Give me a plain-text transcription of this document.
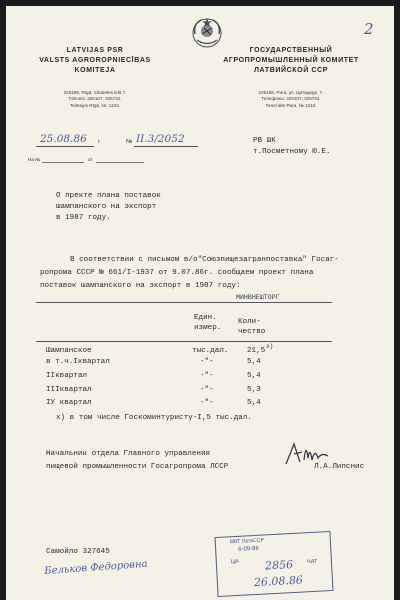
2
LATVIJAS PSR
VALSTS AGROROPNIECĪBAS
KOMITEJA
226168, Rīgā, Citadeles ielā 7.
Tālrunis: 325107, 325742.
Teletaips Rīgā, Nr. 1243.
ГОСУДАРСТВЕННЫЙ
АГРОПРОМЫШЛЕННЫЙ КОМИТЕТ
ЛАТВИЙСКОЙ ССР
226168, Рига, ул. Цитадеде, 7.
Телефоны: 325107, 325742.
Телетайп Рига, № 1243.
25.08.86 г.	№ II.3/2052
На №	от
РВ ШК
т.Посметному Ю.Е.
О пректе плана поставок
шампанского на экспорт
в 1987 году.
В соответствии с письмом в/о"Союзпищезагранпоставка" Госаг-
ропрома СССР № 661/I-1937 от 9.07.86г. сообщаем проект плана
поставок шампанского на экспорт в 1987 году:
МИНВНЕШТОРГ
Един.
измер.
Коли-
чество
Шампанское	тыс.дал. 21,5
x)
в т.ч.Iквартал	-"-	5,4
IIквартал	-"-	5,4
IIIквартал	-"-	5,3
IУ квартал	-"-	5,4
x) в том числе Госкоминтуристу-I,5 тыс.дал.
Начальник отдела Главного управления
пищевой промышленности Госагропрома ЛССР	Л.А.Липснис
Самойло 327645
Бельков Федоровна
МВТ ЛатвССР
6-09-86
ЦА 2856 ЧАТ
26.08.86
